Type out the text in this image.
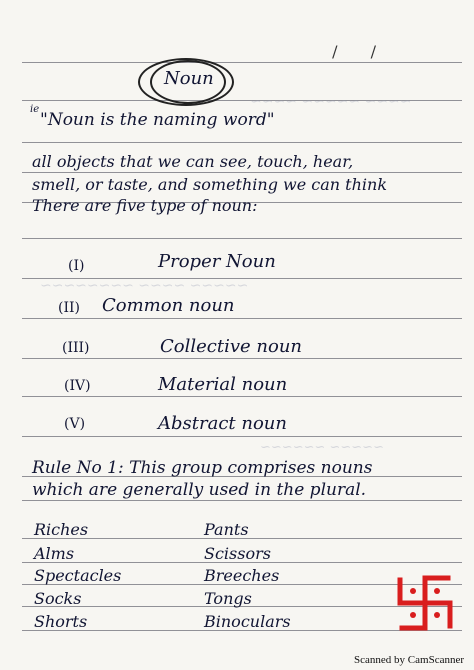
~~~~ ~~~~~ ~~~~
~~~~~ ~~~~ ~~~~~~~~
~~~~~ ~~~~~~
/ /
Noun
ie
"Noun is the naming word"
all objects that we can see, touch, hear,
smell, or taste, and something we can think
There are five type of noun:
(I)	Proper Noun
(II) Common noun
(III)	Collective noun
(IV)	Material noun
(V)	Abstract noun
Rule No 1: This group comprises nouns
which are generally used in the plural.
Riches	Pants
Alms	Scissors
Spectacles	Breeches
Socks	Tongs
Shorts	Binoculars
Scanned by CamScanner
